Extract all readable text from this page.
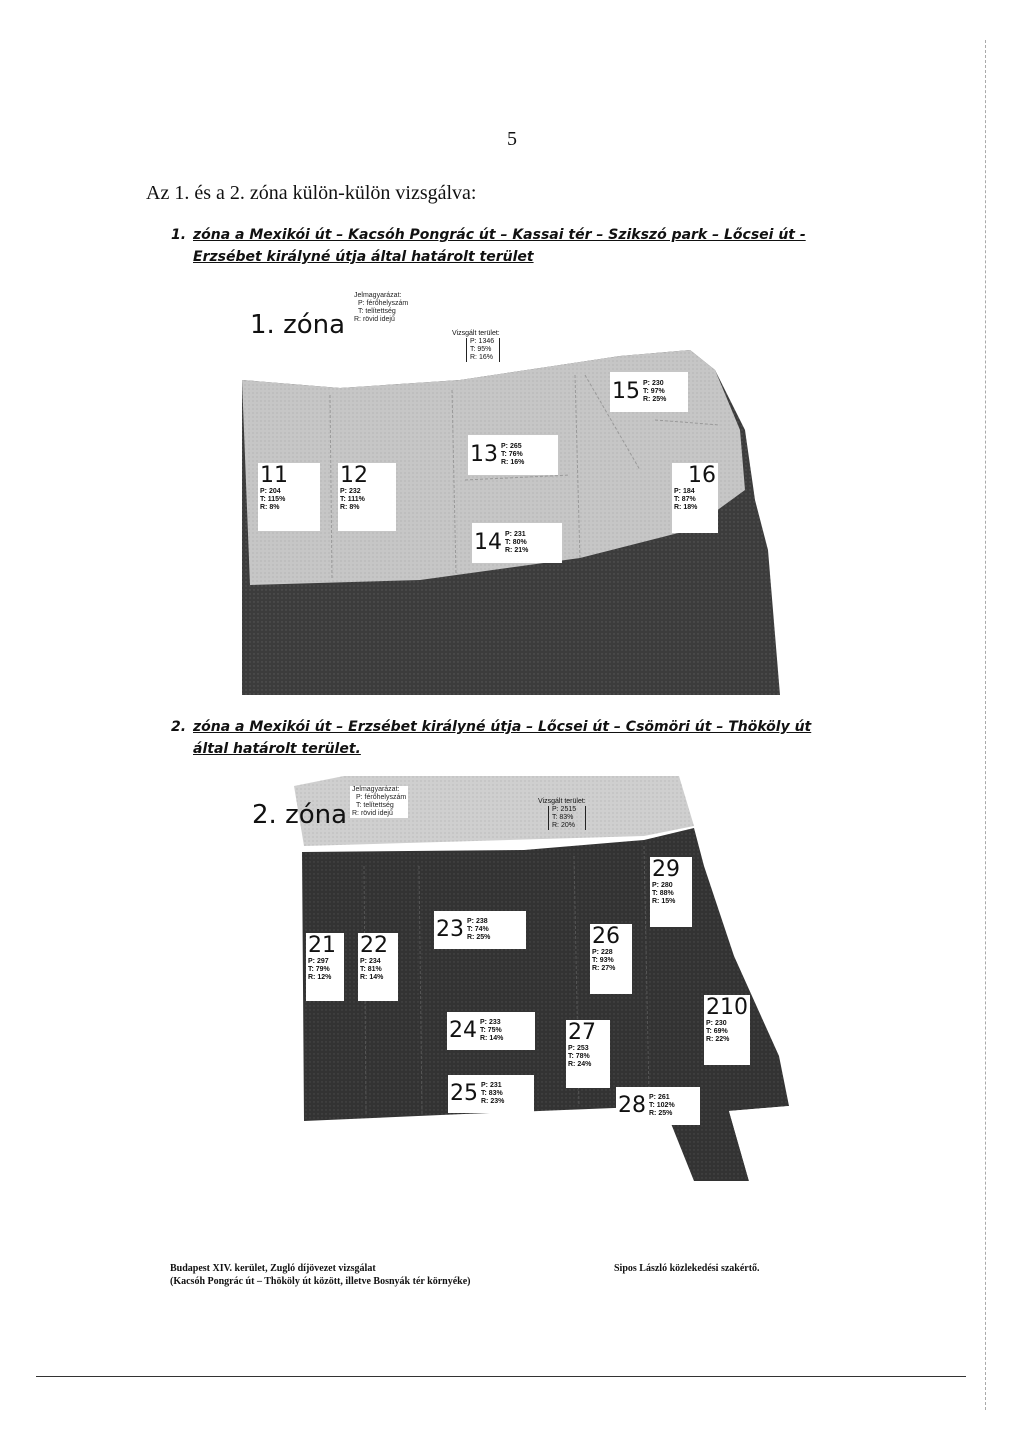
5
Az 1. és a 2. zóna külön-külön vizsgálva:
1. zóna a Mexikói út – Kacsóh Pongrác út – Kassai tér – Szikszó park – Lőcsei út -
Erzsébet királyné útja által határolt terület
1. zóna
Jelmagyarázat:
P: férőhelyszám
T: telítettség
R: rövid idejű
Vizsgált terület:
P: 1346
T: 95%
R: 16%
11
P: 204
T: 115%
R: 8%
12
P: 232
T: 111%
R: 8%
13 P: 265
T: 76%
R: 16%
14 P: 231
T: 80%
R: 21%
15 P: 230
T: 97%
R: 25%
16
P: 184
T: 87%
R: 18%
2. zóna a Mexikói út – Erzsébet királyné útja – Lőcsei út – Csömöri út – Thököly út
által határolt terület.
2. zóna
Jelmagyarázat:
P: férőhelyszám
T: telítettség
R: rövid idejű
Vizsgált terület:
P: 2515
T: 83%
R: 20%
21
P: 297
T: 79%
R: 12%
22
P: 234
T: 81%
R: 14%
23 P: 238
T: 74%
R: 25%
24 P: 233
T: 75%
R: 14%
25 P: 231
T: 83%
R: 23%
26
P: 228
T: 93%
R: 27%
27
P: 253
T: 78%
R: 24%
28 P: 261
T: 102%
R: 25%
29
P: 280
T: 88%
R: 15%
210
P: 230
T: 69%
R: 22%
Budapest XIV. kerület, Zugló díjövezet vizsgálat
(Kacsóh Pongrác út – Thököly út között, illetve Bosnyák tér környéke)
Sipos László közlekedési szakértő.
